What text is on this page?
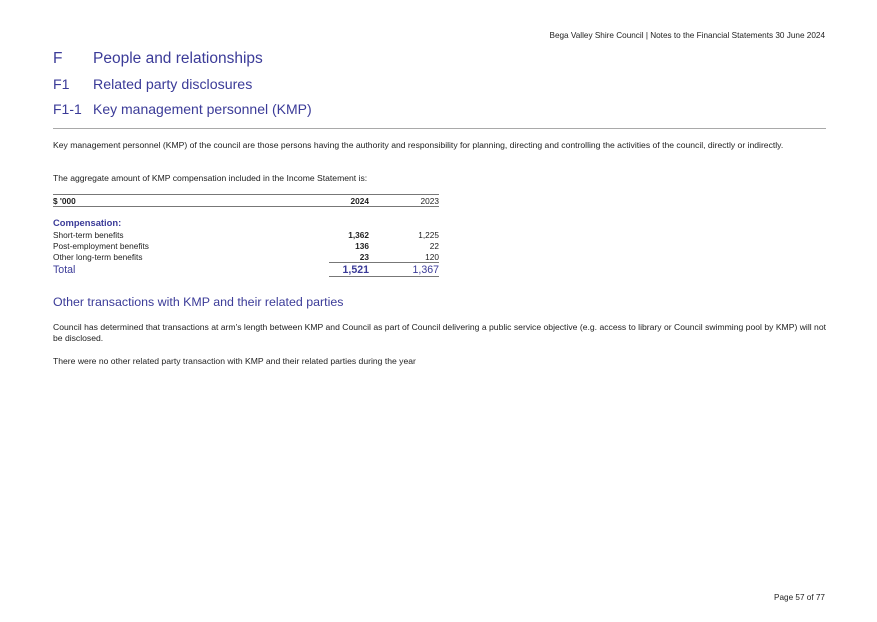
Bega Valley Shire Council | Notes to the Financial Statements 30 June 2024
F People and relationships
F1 Related party disclosures
F1-1 Key management personnel (KMP)

Key management personnel (KMP) of the council are those persons having the authority and responsibility for planning, directing and controlling the activities of the council, directly or indirectly.

The aggregate amount of KMP compensation included in the Income Statement is:

$ '000	2024	2023

Compensation:		
Short-term benefits	1,362	1,225
Post-employment benefits	136	22
Other long-term benefits	23	120
Total	1,521	1,367
Other transactions with KMP and their related parties

Council has determined that transactions at arm's length between KMP and Council as part of Council delivering a public service objective (e.g. access to library or Council swimming pool by KMP) will not be disclosed.

There were no other related party transaction with KMP and their related parties during the year

Page 57 of 77
